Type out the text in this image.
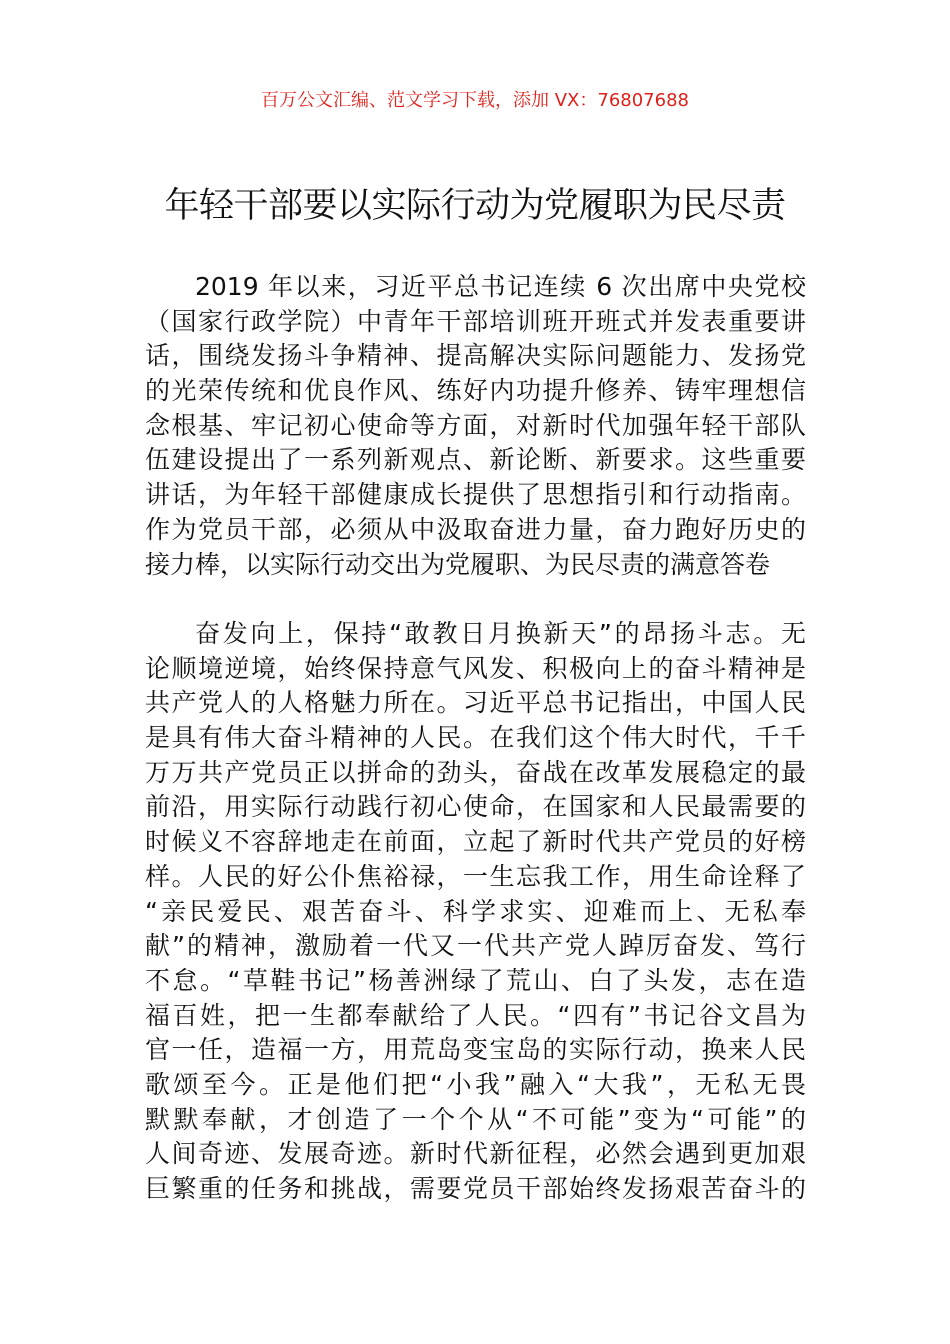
百万公文汇编、范文学习下载，添加 VX：76807688
年轻干部要以实际行动为党履职为民尽责
2019 年以来，习近平总书记连续 6 次出席中央党校
（国家行政学院）中青年干部培训班开班式并发表重要讲
话，围绕发扬斗争精神、提高解决实际问题能力、发扬党
的光荣传统和优良作风、练好内功提升修养、铸牢理想信
念根基、牢记初心使命等方面，对新时代加强年轻干部队
伍建设提出了一系列新观点、新论断、新要求。这些重要
讲话，为年轻干部健康成长提供了思想指引和行动指南。
作为党员干部，必须从中汲取奋进力量，奋力跑好历史的
接力棒，以实际行动交出为党履职、为民尽责的满意答卷
奋发向上，保持“敢教日月换新天”的昂扬斗志。无
论顺境逆境，始终保持意气风发、积极向上的奋斗精神是
共产党人的人格魅力所在。习近平总书记指出，中国人民
是具有伟大奋斗精神的人民。在我们这个伟大时代，千千
万万共产党员正以拼命的劲头，奋战在改革发展稳定的最
前沿，用实际行动践行初心使命，在国家和人民最需要的
时候义不容辞地走在前面，立起了新时代共产党员的好榜
样。人民的好公仆焦裕禄，一生忘我工作，用生命诠释了
“亲民爱民、艰苦奋斗、科学求实、迎难而上、无私奉
献”的精神，激励着一代又一代共产党人踔厉奋发、笃行
不怠。“草鞋书记”杨善洲绿了荒山、白了头发，志在造
福百姓，把一生都奉献给了人民。“四有”书记谷文昌为
官一任，造福一方，用荒岛变宝岛的实际行动，换来人民
歌颂至今。正是他们把“小我”融入“大我”，无私无畏
默默奉献，才创造了一个个从“不可能”变为“可能”的
人间奇迹、发展奇迹。新时代新征程，必然会遇到更加艰
巨繁重的任务和挑战，需要党员干部始终发扬艰苦奋斗的
